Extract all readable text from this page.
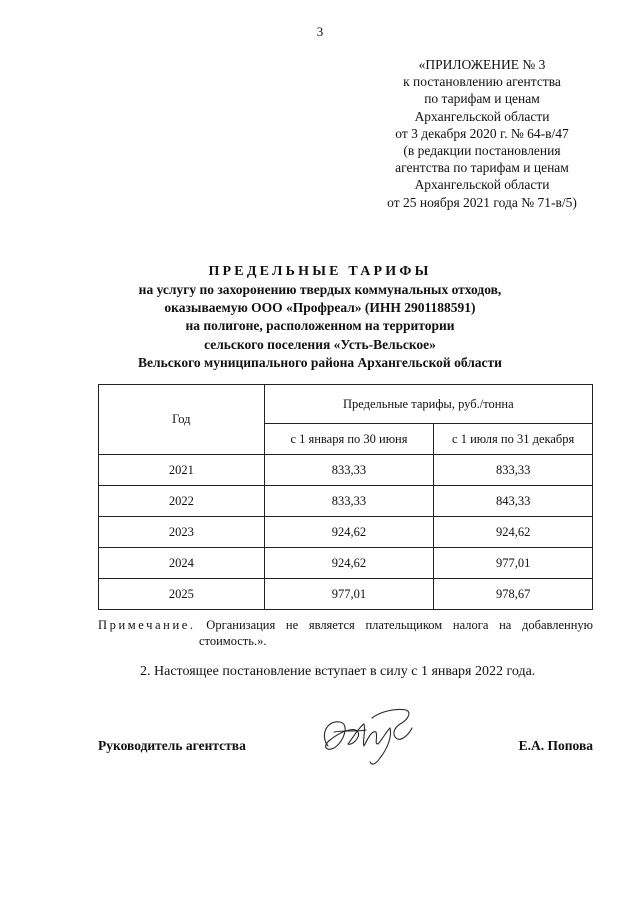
3
«ПРИЛОЖЕНИЕ № 3
к постановлению агентства
по тарифам и ценам
Архангельской области
от 3 декабря 2020 г. № 64-в/47
(в редакции постановления
агентства по тарифам и ценам
Архангельской области
от 25 ноября 2021 года № 71-в/5)
ПРЕДЕЛЬНЫЕ ТАРИФЫ
на услугу по захоронению твердых коммунальных отходов,
оказываемую ООО «Профреал» (ИНН 2901188591)
на полигоне, расположенном на территории
сельского поселения «Усть-Вельское»
Вельского муниципального района Архангельской области
Год	Предельные тарифы, руб./тонна	
	с 1 января по 30 июня	с 1 июля по 31 декабря
2021	833,33	833,33
2022	833,33	843,33
2023	924,62	924,62
2024	924,62	977,01
2025	977,01	978,67
Примечание. Организация не является плательщиком налога на добавленную
стоимость.».
2. Настоящее постановление вступает в силу с 1 января 2022 года.
Руководитель агентства	Е.А. Попова
